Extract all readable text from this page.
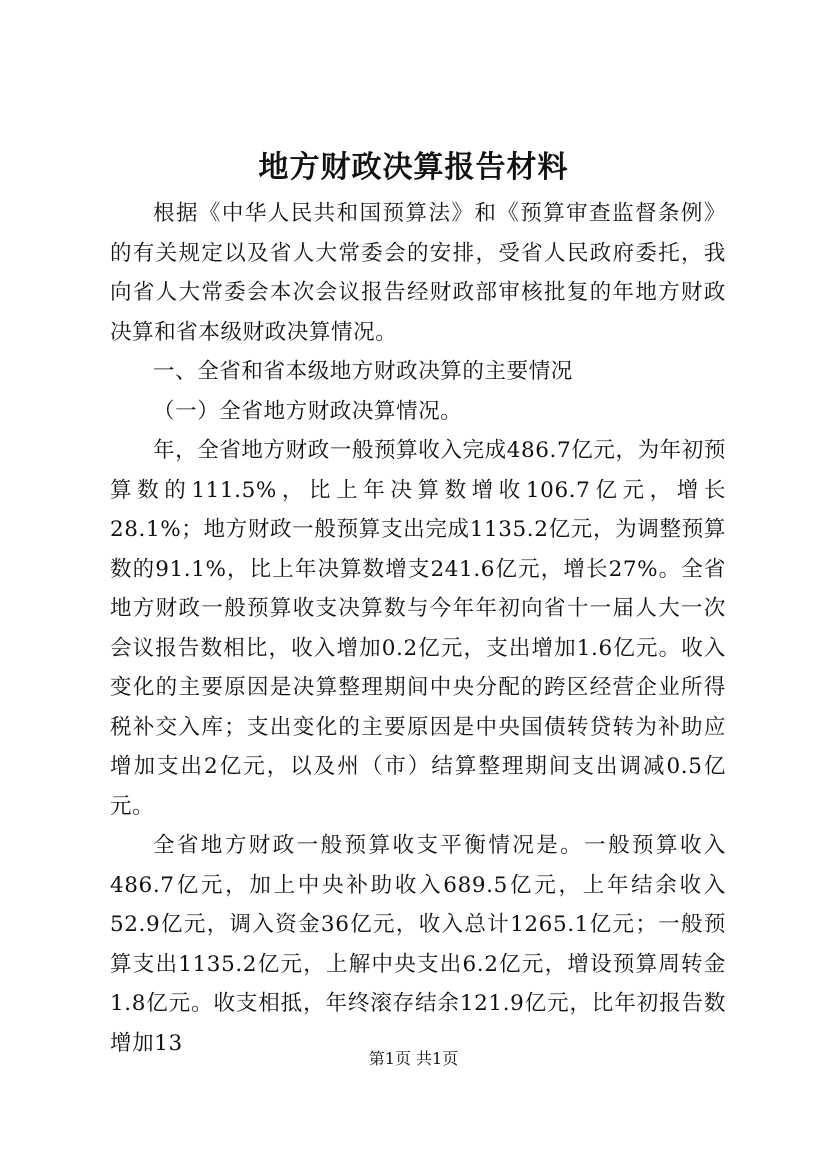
地方财政决算报告材料

根据《中华人民共和国预算法》和《预算审查监督条例》的有关规定以及省人大常委会的安排，受省人民政府委托，我向省人大常委会本次会议报告经财政部审核批复的年地方财政决算和省本级财政决算情况。

一、全省和省本级地方财政决算的主要情况

（一）全省地方财政决算情况。

年，全省地方财政一般预算收入完成486.7亿元，为年初预算数的111.5%，比上年决算数增收106.7亿元，增长28.1%；地方财政一般预算支出完成1135.2亿元，为调整预算数的91.1%，比上年决算数增支241.6亿元，增长27%。全省地方财政一般预算收支决算数与今年年初向省十一届人大一次会议报告数相比，收入增加0.2亿元，支出增加1.6亿元。收入变化的主要原因是决算整理期间中央分配的跨区经营企业所得税补交入库；支出变化的主要原因是中央国债转贷转为补助应增加支出2亿元，以及州（市）结算整理期间支出调减0.5亿元。

全省地方财政一般预算收支平衡情况是。一般预算收入486.7亿元，加上中央补助收入689.5亿元，上年结余收入52.9亿元，调入资金36亿元，收入总计1265.1亿元；一般预算支出1135.2亿元，上解中央支出6.2亿元，增设预算周转金1.8亿元。收支相抵，年终滚存结余121.9亿元，比年初报告数增加13

第1页 共1页
